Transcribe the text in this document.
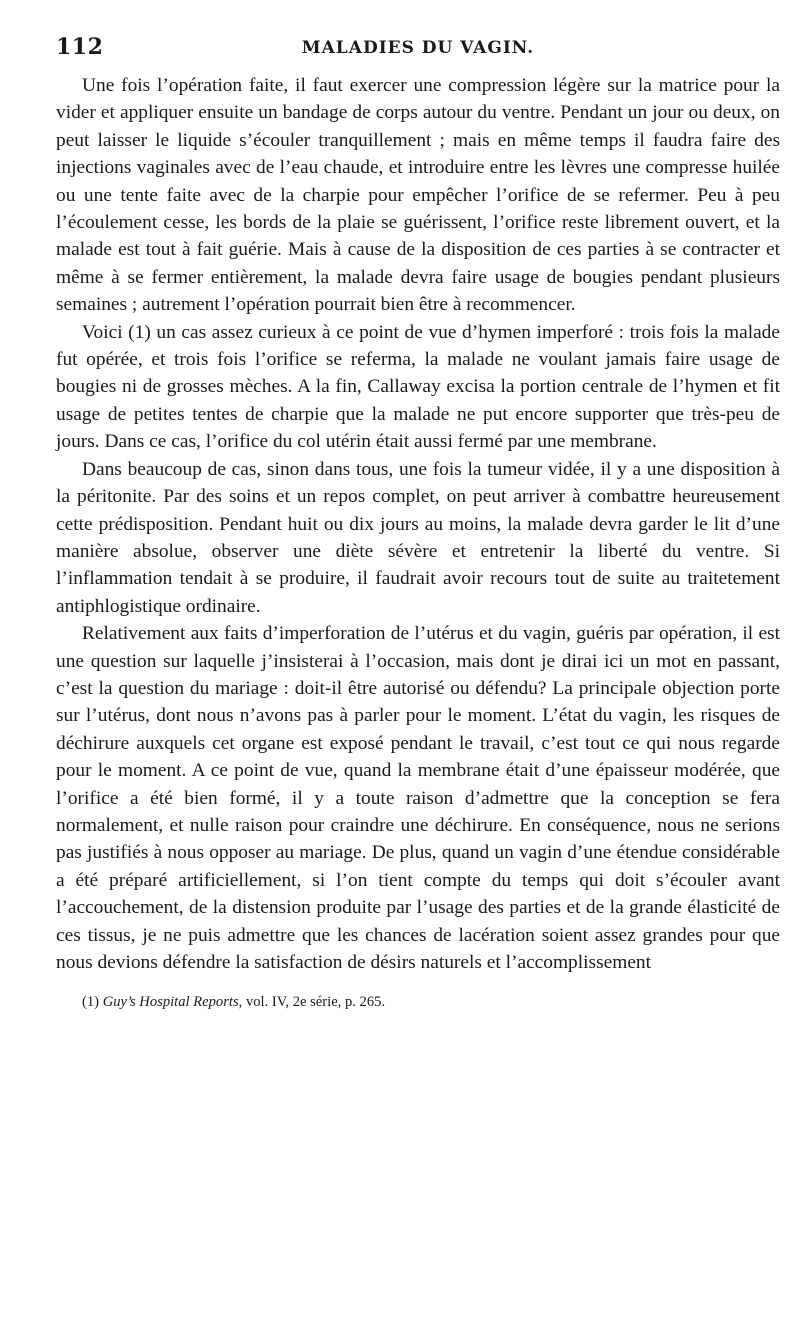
112	MALADIES DU VAGIN.

Une fois l’opération faite, il faut exercer une compression légère sur la matrice pour la vider et appliquer ensuite un bandage de corps autour du ventre. Pendant un jour ou deux, on peut laisser le liquide s’écouler tranquillement ; mais en même temps il faudra faire des injections vaginales avec de l’eau chaude, et introduire entre les lèvres une compresse huilée ou une tente faite avec de la charpie pour empêcher l’orifice de se refermer. Peu à peu l’écoulement cesse, les bords de la plaie se guérissent, l’orifice reste librement ouvert, et la malade est tout à fait guérie. Mais à cause de la disposition de ces parties à se contracter et même à se fermer entièrement, la malade devra faire usage de bougies pendant plusieurs semaines ; autrement l’opération pourrait bien être à recommencer.

Voici (1) un cas assez curieux à ce point de vue d’hymen imperforé : trois fois la malade fut opérée, et trois fois l’orifice se referma, la malade ne voulant jamais faire usage de bougies ni de grosses mèches. A la fin, Callaway excisa la portion centrale de l’hymen et fit usage de petites tentes de charpie que la malade ne put encore supporter que très-peu de jours. Dans ce cas, l’orifice du col utérin était aussi fermé par une membrane.

Dans beaucoup de cas, sinon dans tous, une fois la tumeur vidée, il y a une disposition à la péritonite. Par des soins et un repos complet, on peut arriver à combattre heureusement cette prédisposition. Pendant huit ou dix jours au moins, la malade devra garder le lit d’une manière absolue, observer une diète sévère et entretenir la liberté du ventre. Si l’inflammation tendait à se produire, il faudrait avoir recours tout de suite au traitetement antiphlogistique ordinaire.

Relativement aux faits d’imperforation de l’utérus et du vagin, guéris par opération, il est une question sur laquelle j’insisterai à l’occasion, mais dont je dirai ici un mot en passant, c’est la question du mariage : doit-il être autorisé ou défendu? La principale objection porte sur l’utérus, dont nous n’avons pas à parler pour le moment. L’état du vagin, les risques de déchirure auxquels cet organe est exposé pendant le travail, c’est tout ce qui nous regarde pour le moment. A ce point de vue, quand la membrane était d’une épaisseur modérée, que l’orifice a été bien formé, il y a toute raison d’admettre que la conception se fera normalement, et nulle raison pour craindre une déchirure. En conséquence, nous ne serions pas justifiés à nous opposer au mariage. De plus, quand un vagin d’une étendue considérable a été préparé artificiellement, si l’on tient compte du temps qui doit s’écouler avant l’accouchement, de la distension produite par l’usage des parties et de la grande élasticité de ces tissus, je ne puis admettre que les chances de lacération soient assez grandes pour que nous devions défendre la satisfaction de désirs naturels et l’accomplissement

(1) Guy’s Hospital Reports, vol. IV, 2e série, p. 265.
